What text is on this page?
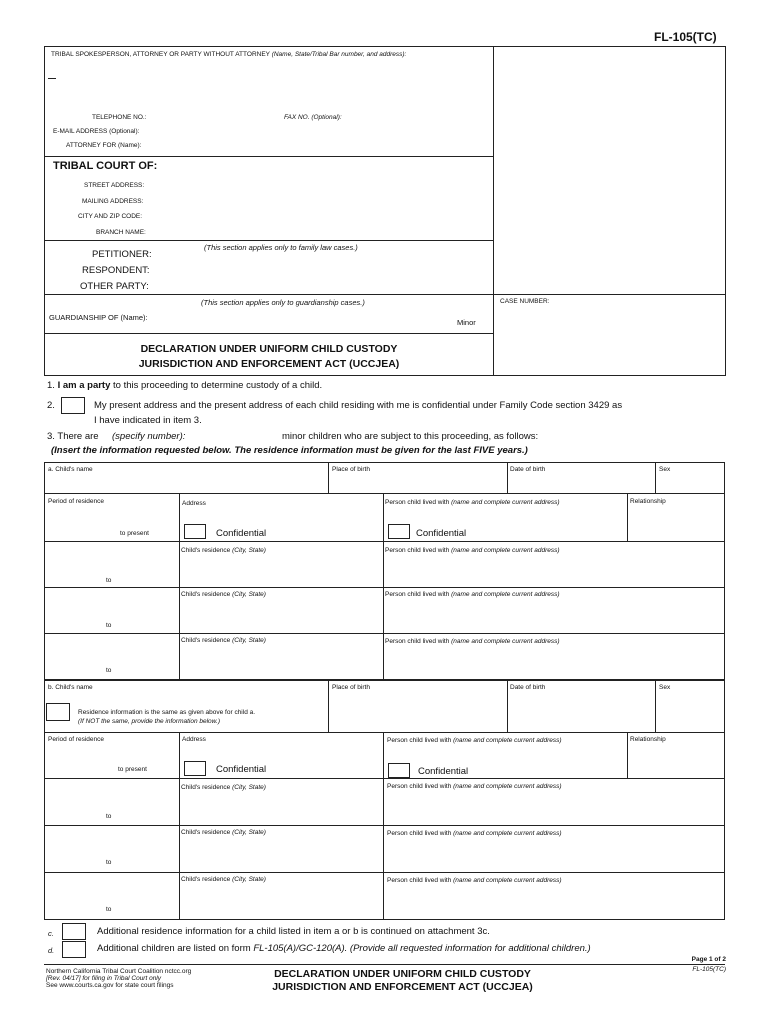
FL-105(TC)
TRIBAL SPOKESPERSON, ATTORNEY OR PARTY WITHOUT ATTORNEY (Name, State/Tribal Bar number, and address):
TELEPHONE NO.:	FAX NO. (Optional):
E-MAIL ADDRESS (Optional):
ATTORNEY FOR (Name):
TRIBAL COURT OF:
STREET ADDRESS:
MAILING ADDRESS:
CITY AND ZIP CODE:
BRANCH NAME:
(This section applies only to family law cases.)
PETITIONER:
RESPONDENT:
OTHER PARTY:
(This section applies only to guardianship cases.)
GUARDIANSHIP OF (Name):
Minor
CASE NUMBER:
DECLARATION UNDER UNIFORM CHILD CUSTODY
JURISDICTION AND ENFORCEMENT ACT (UCCJEA)
1. I am a party to this proceeding to determine custody of a child.
2.	My present address and the present address of each child residing with me is confidential under Family Code section 3429 as
I have indicated in item 3.
3. There are (specify number):	minor children who are subject to this proceeding, as follows:
(Insert the information requested below. The residence information must be given for the last FIVE years.)
a. Child's name	Place of birth	Date of birth	Sex
Period of residence	Address	Person child lived with (name and complete current address)	Relationship
to present	Confidential	Confidential
Child's residence (City, State)	Person child lived with (name and complete current address)
to
Child's residence (City, State)	Person child lived with (name and complete current address)
to
Child's residence (City, State)	Person child lived with (name and complete current address)
to
b. Child's name	Place of birth	Date of birth	Sex
Residence information is the same as given above for child a.
(If NOT the same, provide the information below.)
Period of residence	Address	Person child lived with (name and complete current address)	Relationship
to present	Confidential	Confidential
Child's residence (City, State)	Person child lived with (name and complete current address)
to
Child's residence (City, State)	Person child lived with (name and complete current address)
to
Child's residence (City, State)	Person child lived with (name and complete current address)
to
c.	Additional residence information for a child listed in item a or b is continued on attachment 3c.
d.	Additional children are listed on form FL-105(A)/GC-120(A). (Provide all requested information for additional children.)
Northern California Tribal Court Coalition nctcc.org
[Rev. 04/17] for filing in Tribal Court only
See www.courts.ca.gov for state court filings
DECLARATION UNDER UNIFORM CHILD CUSTODY
JURISDICTION AND ENFORCEMENT ACT (UCCJEA)
Page 1 of 2
FL-105(TC)
